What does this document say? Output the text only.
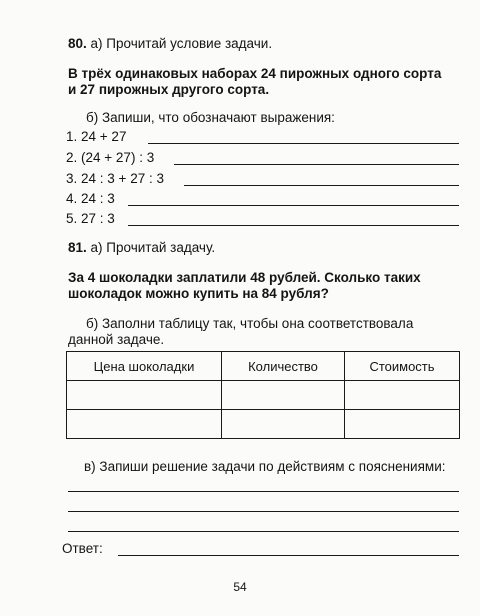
80. а) Прочитай условие задачи.
В трёх одинаковых наборах 24 пирожных одного сорта
и 27 пирожных другого сорта.
б) Запиши, что обозначают выражения:
1. 24 + 27
2. (24 + 27) : 3
3. 24 : 3 + 27 : 3
4. 24 : 3
5. 27 : 3
81. а) Прочитай задачу.
За 4 шоколадки заплатили 48 рублей. Сколько таких
шоколадок можно купить на 84 рубля?
б) Заполни таблицу так, чтобы она соответствовала
данной задаче.
Цена шоколадки	Количество	Стоимость

в) Запиши решение задачи по действиям с пояснениями:
Ответ:
54
